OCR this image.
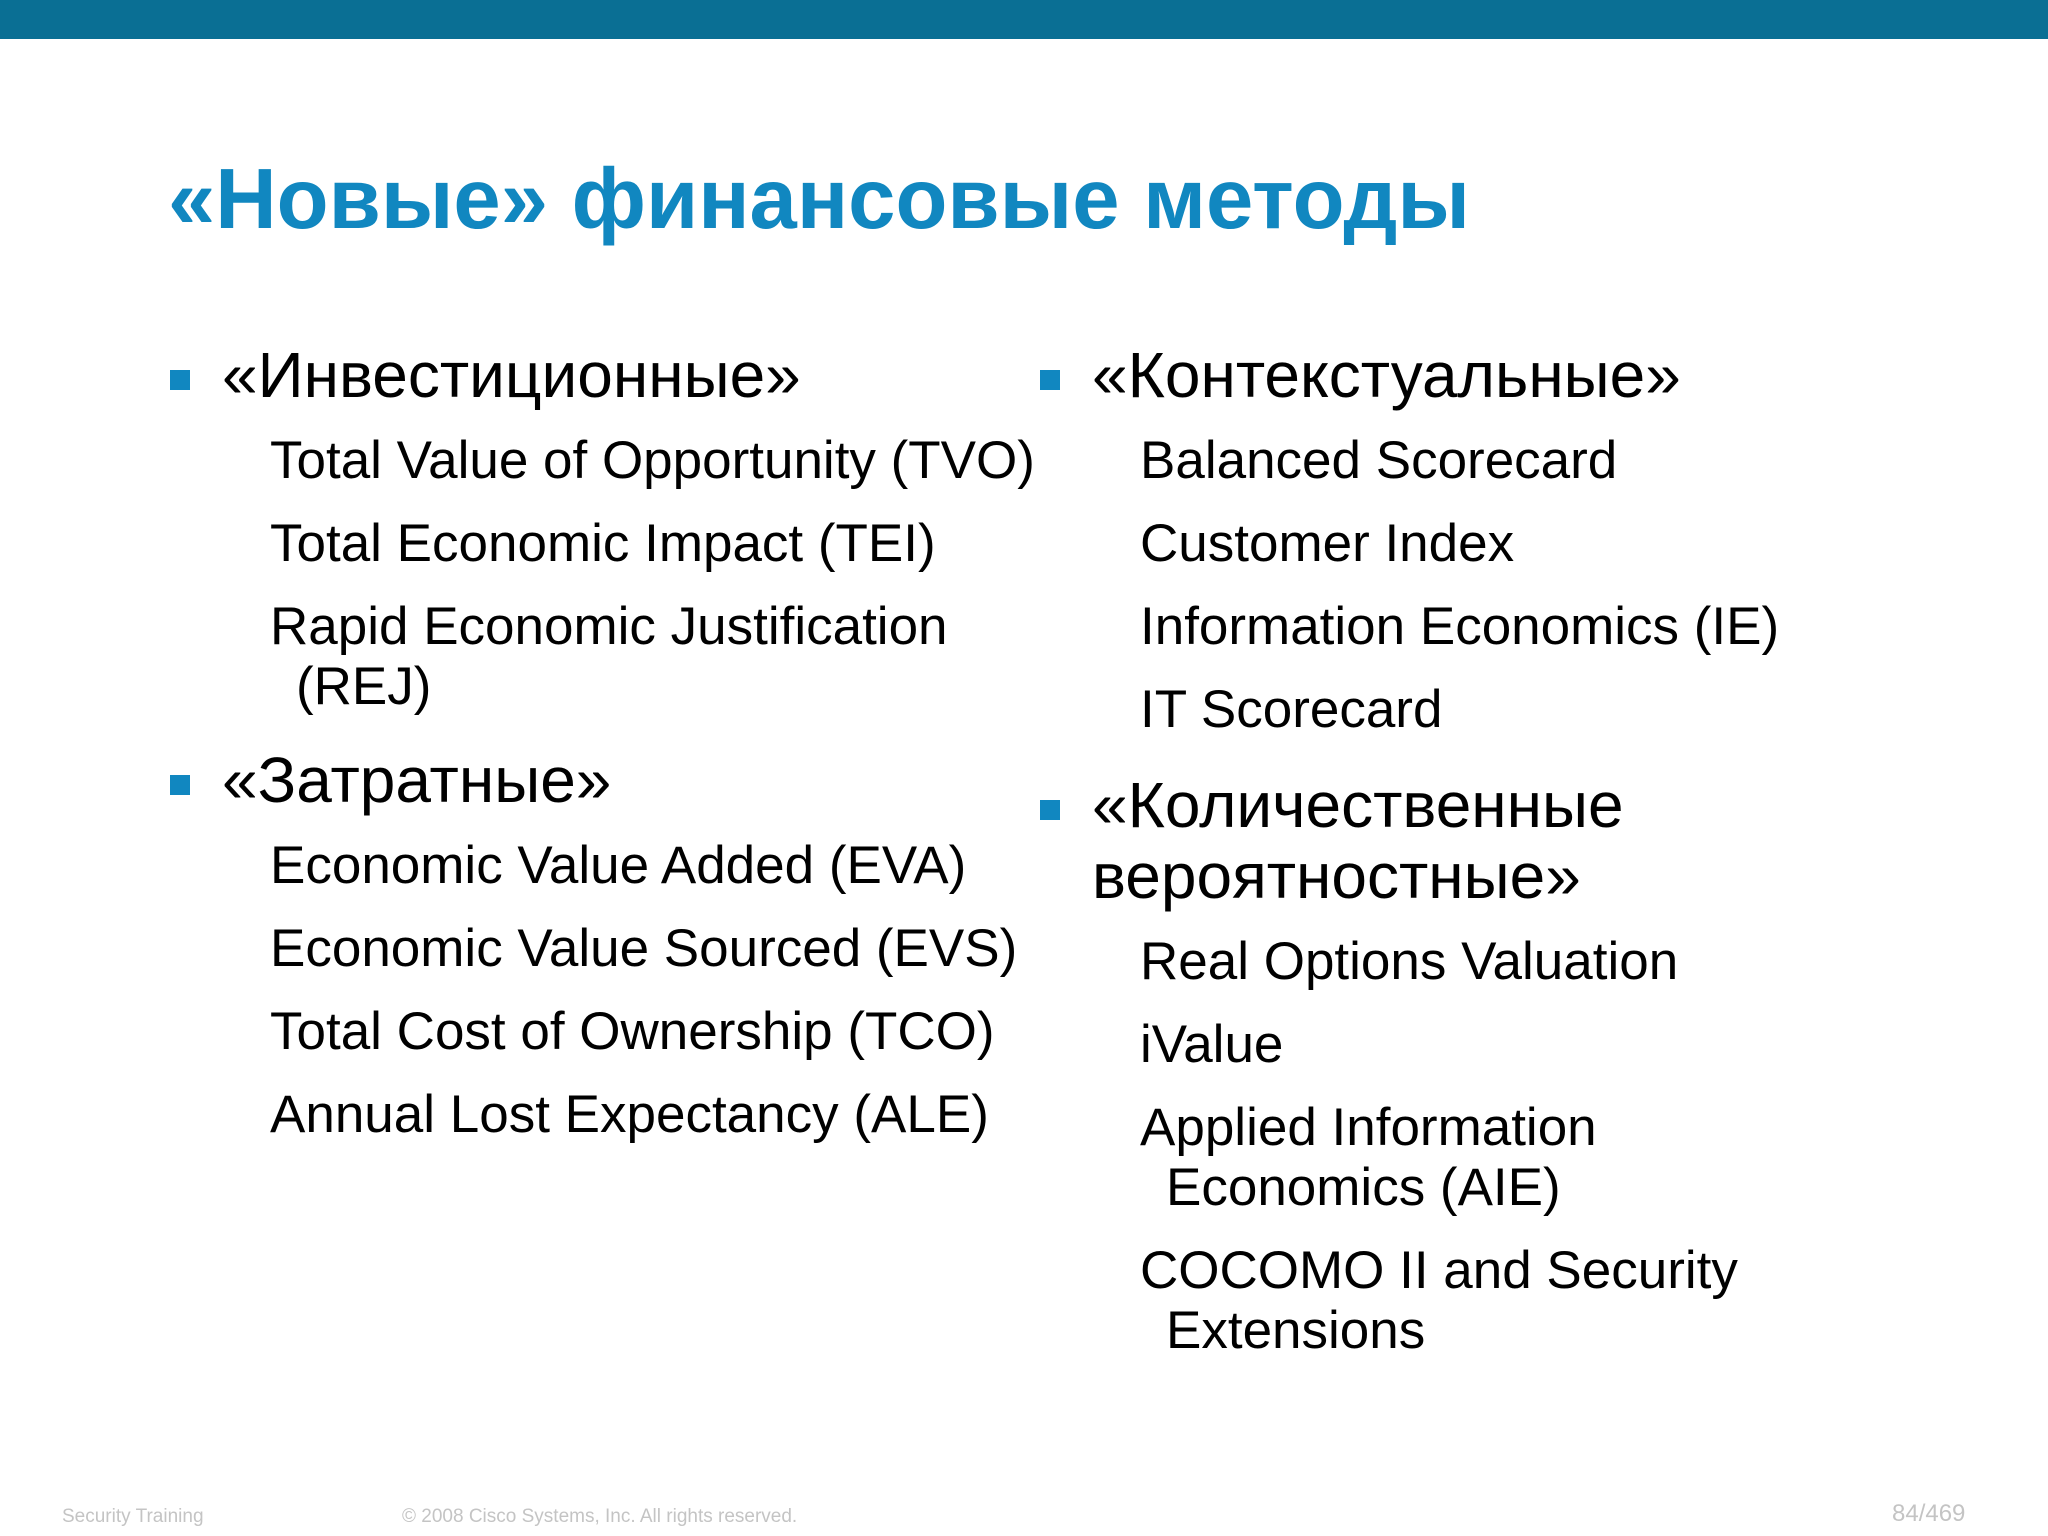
«Новые» финансовые методы
«Инвестиционные»
Total Value of Opportunity (TVO)
Total Economic Impact (TEI)
Rapid Economic Justification (REJ)
«Затратные»
Economic Value Added (EVA)
Economic Value Sourced (EVS)
Total Cost of Ownership (TCO)
Annual Lost Expectancy (ALE)
«Контекстуальные»
Balanced Scorecard
Customer Index
Information Economics (IE)
IT Scorecard
«Количественные вероятностные»
Real Options Valuation
iValue
Applied Information Economics (AIE)
COCOMO II and Security Extensions
Security Training	© 2008 Cisco Systems, Inc. All rights reserved.	84/469
